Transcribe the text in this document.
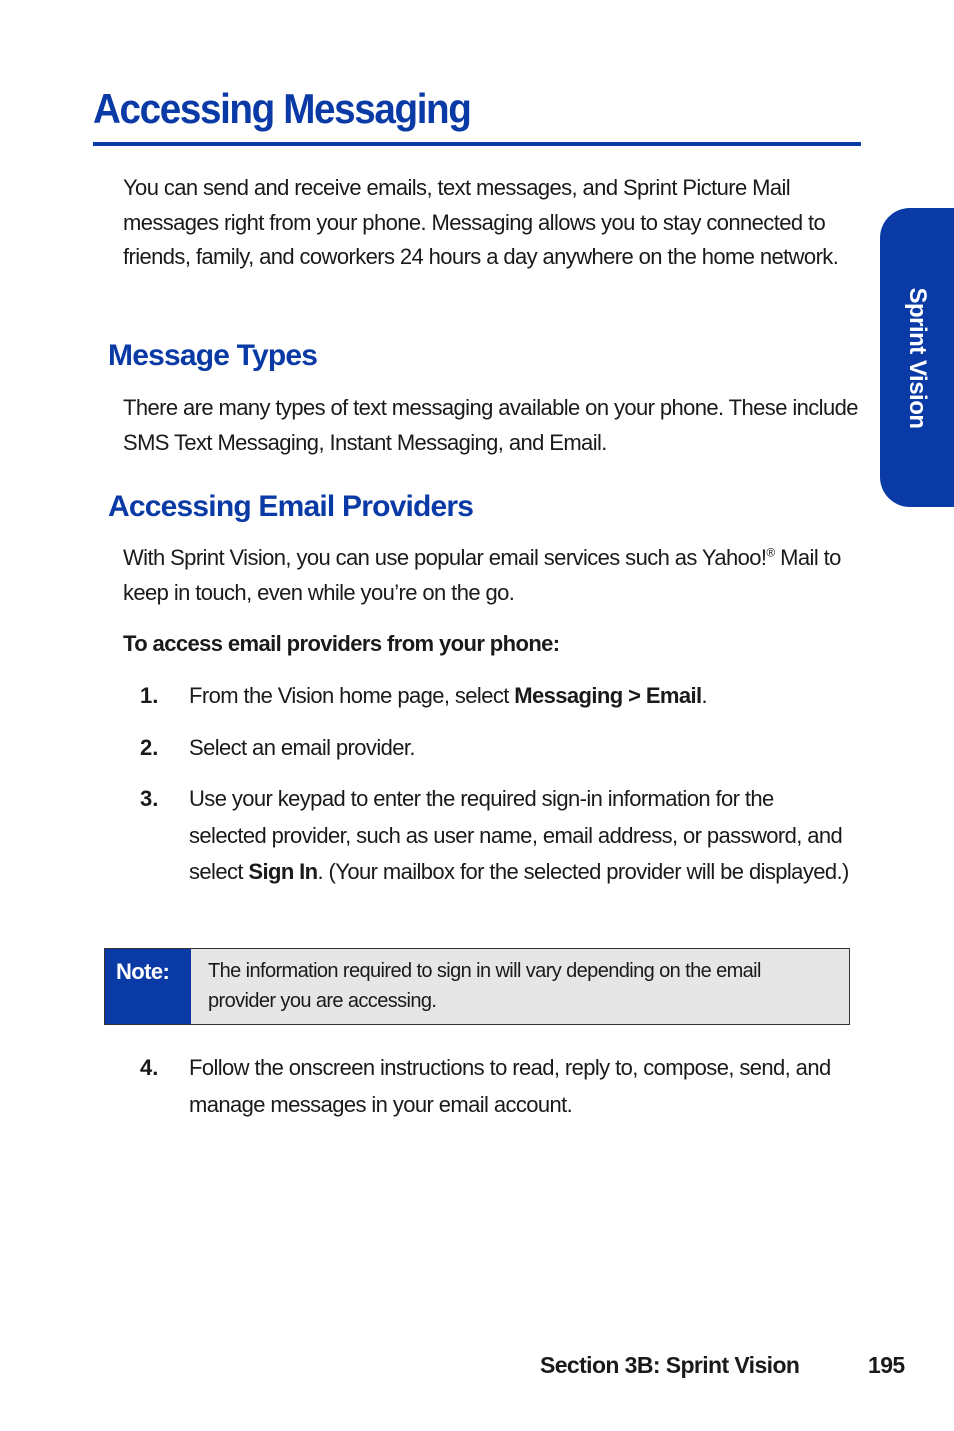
Accessing Messaging
Sprint Vision

You can send and receive emails, text messages, and Sprint Picture Mail messages right from your phone. Messaging allows you to stay connected to friends, family, and coworkers 24 hours a day anywhere on the home network.

Message Types

There are many types of text messaging available on your phone. These include SMS Text Messaging, Instant Messaging, and Email.

Accessing Email Providers

With Sprint Vision, you can use popular email services such as Yahoo!® Mail to keep in touch, even while you’re on the go.

To access email providers from your phone:

1.	From the Vision home page, select Messaging > Email.

2.	Select an email provider.

3.	Use your keypad to enter the required sign-in information for the selected provider, such as user name, email address, or password, and select Sign In. (Your mailbox for the selected provider will be displayed.)

Note: The information required to sign in will vary depending on the email provider you are accessing.

4.	Follow the onscreen instructions to read, reply to, compose, send, and manage messages in your email account.

Section 3B: Sprint Vision	195
